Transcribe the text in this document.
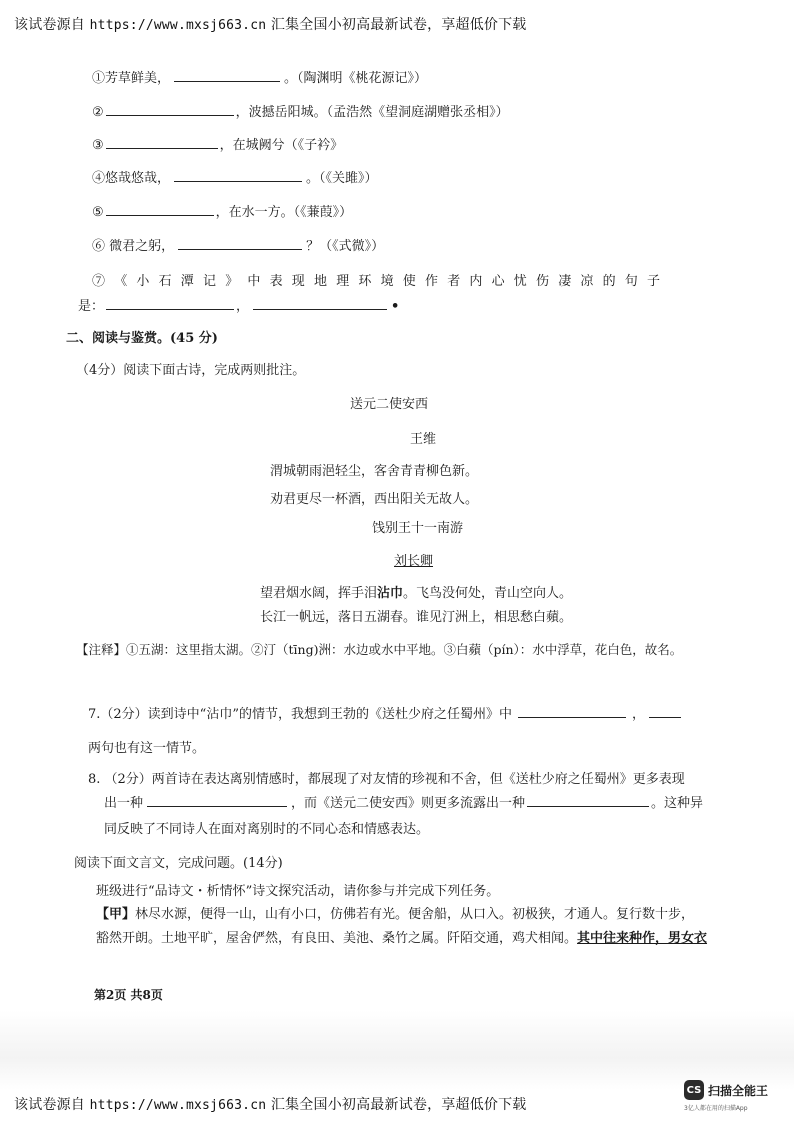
该试卷源自 https://www.mxsj663.cn 汇集全国小初高最新试卷，享超低价下载
①芳草鲜美，	。（陶渊明《桃花源记》）
②	，波撼岳阳城。（孟浩然《望洞庭湖赠张丞相》）
③	，在城阙兮（《子衿》
④悠哉悠哉，	。（《关雎》）
⑤	，在水一方。（《蒹葭》）
⑥ 微君之躬，	？（《式微》）
⑦《小石潭记》中表现地理环境使作者内心忧伤凄凉的句子
是：	，	•
二、阅读与鉴赏。(45 分)
（4分）阅读下面古诗，完成两则批注。
送元二使安西
王维
渭城朝雨浥轻尘，客舍青青柳色新。
劝君更尽一杯酒，西出阳关无故人。
饯别王十一南游
刘长卿
望君烟水阔，挥手泪沾巾。飞鸟没何处，青山空向人。
长江一帆远，落日五湖春。谁见汀洲上，相思愁白蘋。
【注释】①五湖：这里指太湖。②汀（tīng)洲：水边或水中平地。③白蘋（pín）：水中浮草，花白色，故名。
7.（2分）读到诗中“沾巾”的情节，我想到王勃的《送杜少府之任蜀州》中	，
两句也有这一情节。
8. （2分）两首诗在表达离别情感时，都展现了对友情的珍视和不舍，但《送杜少府之任蜀州》更多表现
出一种	，而《送元二使安西》则更多流露出一种	。这种异
同反映了不同诗人在面对离别时的不同心态和情感表达。
阅读下面文言文，完成问题。(14分)
班级进行“品诗文・析情怀”诗文探究活动，请你参与并完成下列任务。
【甲】林尽水源，便得一山，山有小口，仿佛若有光。便舍船，从口入。初极狭，才通人。复行数十步，
豁然开朗。土地平旷，屋舍俨然，有良田、美池、桑竹之属。阡陌交通，鸡犬相闻。其中往来种作，男女衣
第2页 共8页
该试卷源自 https://www.mxsj663.cn 汇集全国小初高最新试卷，享超低价下载
CS 扫描全能王
3亿人都在用的扫描App
